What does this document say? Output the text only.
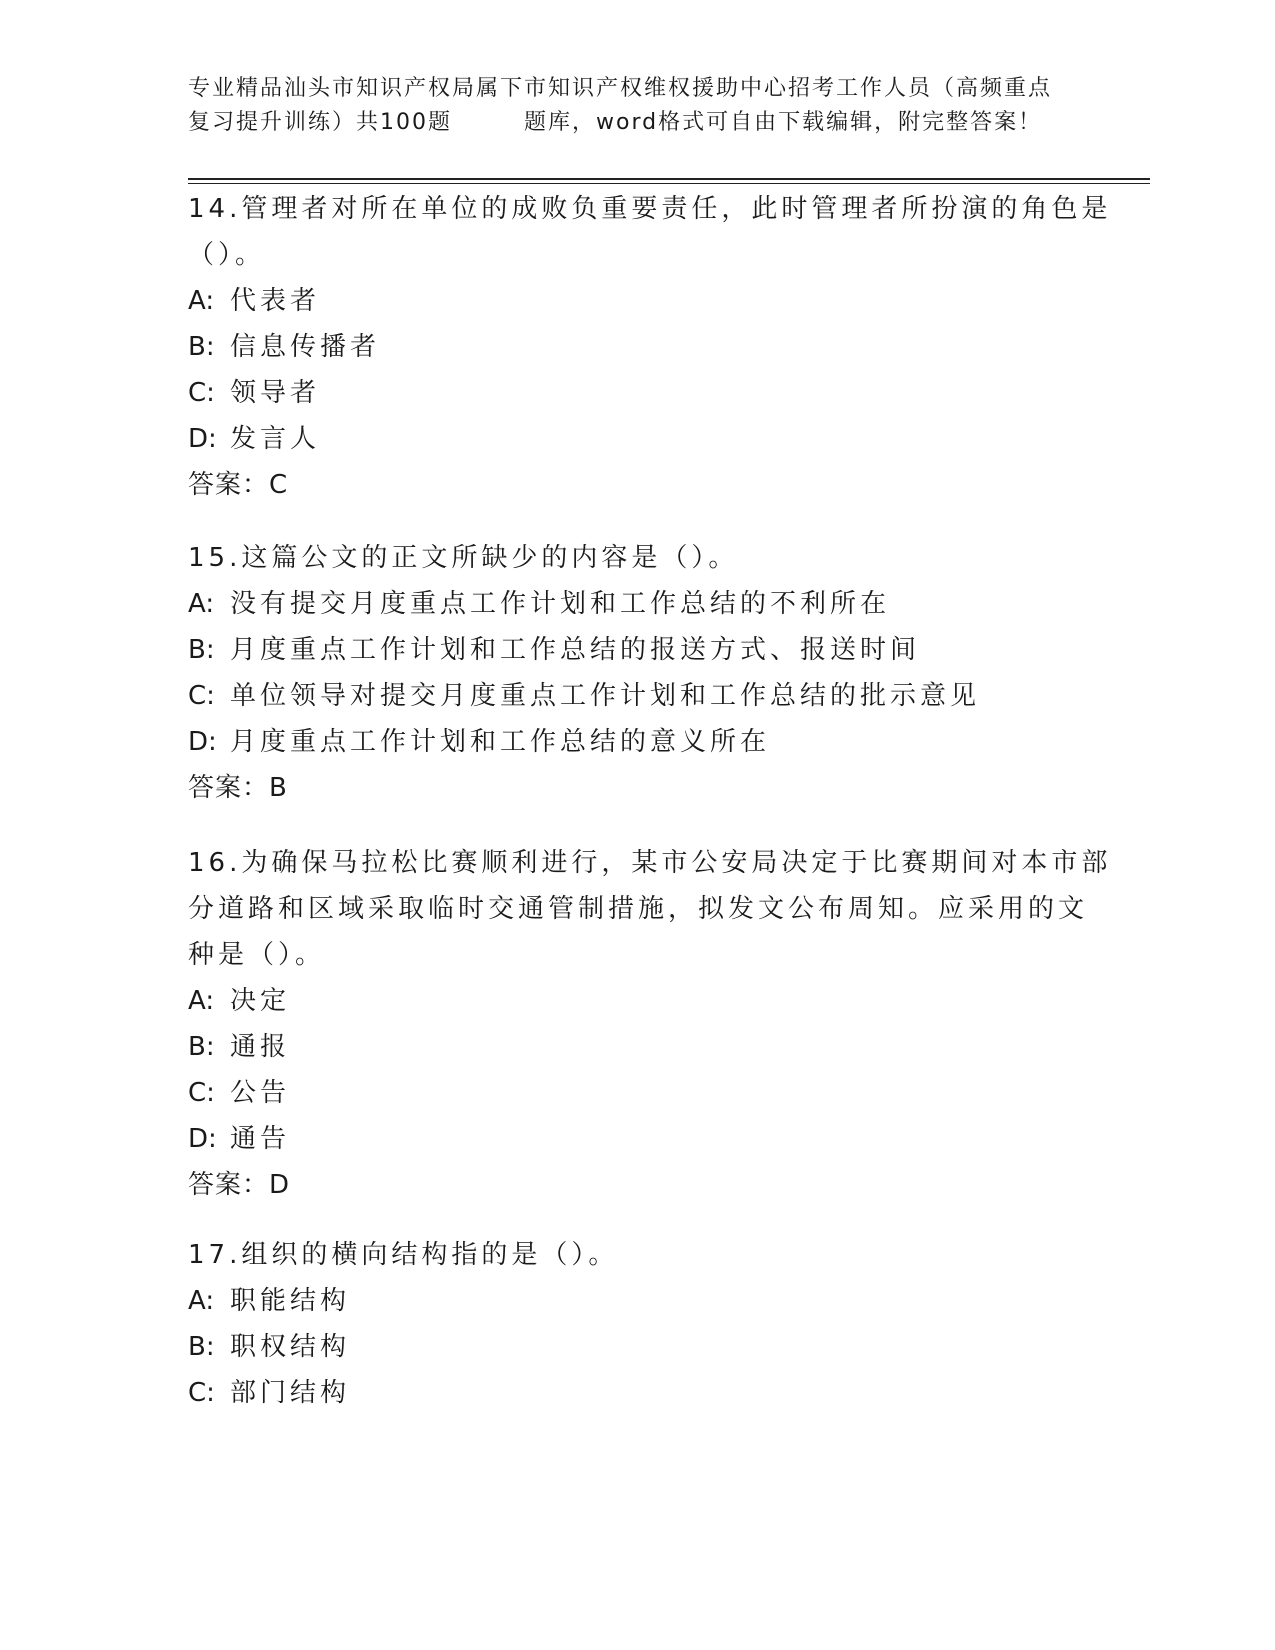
专业精品汕头市知识产权局属下市知识产权维权援助中心招考工作人员（高频重点
复习提升训练）共100题	题库，word格式可自由下载编辑，附完整答案！
14.管理者对所在单位的成败负重要责任，此时管理者所扮演的角色是
（）。
A: 代表者
B: 信息传播者
C: 领导者
D: 发言人
答案：C
15.这篇公文的正文所缺少的内容是（）。
A: 没有提交月度重点工作计划和工作总结的不利所在
B: 月度重点工作计划和工作总结的报送方式、报送时间
C: 单位领导对提交月度重点工作计划和工作总结的批示意见
D: 月度重点工作计划和工作总结的意义所在
答案：B
16.为确保马拉松比赛顺利进行，某市公安局决定于比赛期间对本市部
分道路和区域采取临时交通管制措施，拟发文公布周知。应采用的文
种是（）。
A: 决定
B: 通报
C: 公告
D: 通告
答案：D
17.组织的横向结构指的是（）。
A: 职能结构
B: 职权结构
C: 部门结构
